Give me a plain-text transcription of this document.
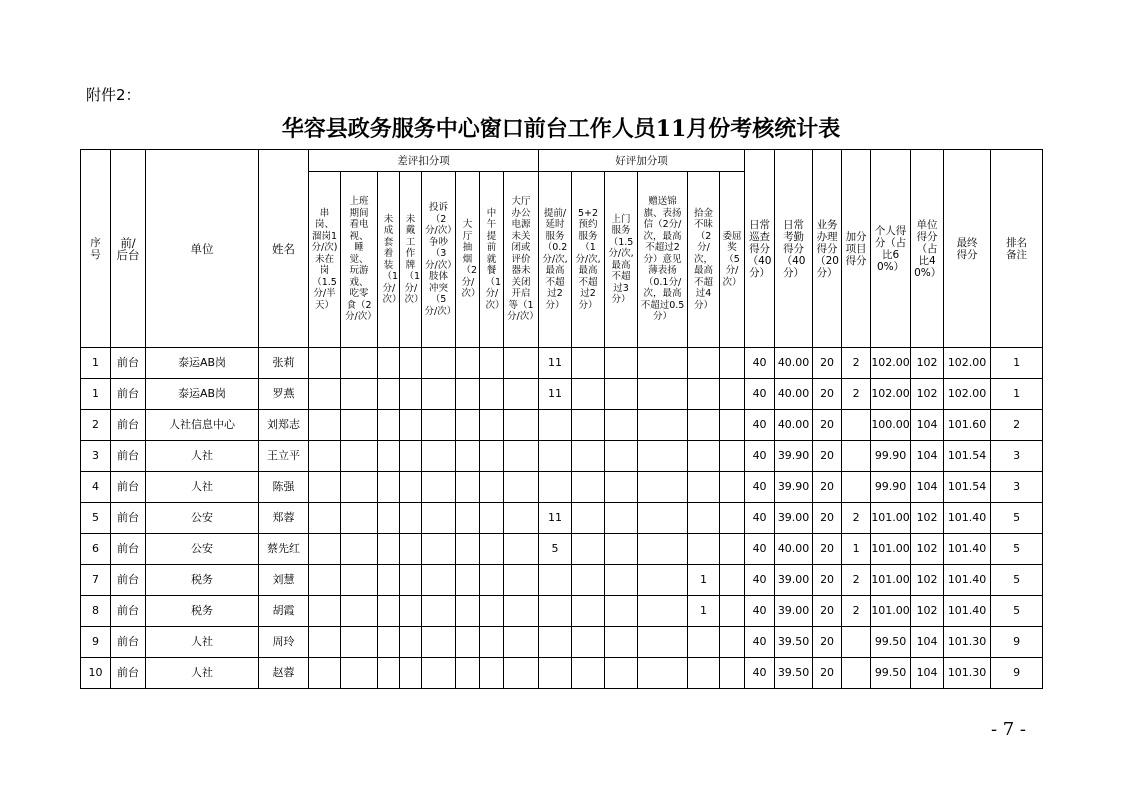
附件2：
华容县政务服务中心窗口前台工作人员11月份考核统计表
序号	前/后台	单位	姓名	差评扣分项								好评加分项						日常巡查得分（40分）	日常考勤得分（40分）	业务办理得分（20分）	加分项目得分	个人得分（占比60%）	单位得分（占比40%）	最终得分	排名备注

				串岗、溜岗1分/次)未在岗（1.5分/半天）	上班期间看电视、睡觉、玩游戏、吃零食（2分/次）	未成套着装（1分/次）	未戴工作牌（1分/次）	投诉（2分/次）争吵（3分/次）肢体冲突（5分/次）	大厅抽烟（2分/次）	中午提前就餐（1分/次）	大厅办公电源未关闭或评价器未关闭开启等（1分/次）	提前/延时服务（0.2分/次,最高不超过2分）	5+2预约服务（1分/次,最高不超过2分）	上门服务（1.5分/次,最高不超过3分）	赠送锦旗、表扬信（2分/次，最高不超过2分）意见薄表扬（0.1分/次，最高不超过0.5分）	拾金不昧（2分/次，最高不超过4分）	委屈奖（5分/次）								

1	前台	泰运AB岗	张莉									11						40	40.00	20	2	102.00	102	102.00	1
1	前台	泰运AB岗	罗燕									11						40	40.00	20	2	102.00	102	102.00	1
2	前台	人社信息中心	刘郑志															40	40.00	20		100.00	104	101.60	2
3	前台	人社	王立平															40	39.90	20		99.90	104	101.54	3
4	前台	人社	陈强															40	39.90	20		99.90	104	101.54	3
5	前台	公安	郑蓉									11						40	39.00	20	2	101.00	102	101.40	5
6	前台	公安	蔡先红									5						40	40.00	20	1	101.00	102	101.40	5
7	前台	税务	刘慧													1		40	39.00	20	2	101.00	102	101.40	5
8	前台	税务	胡霞													1		40	39.00	20	2	101.00	102	101.40	5
9	前台	人社	周玲															40	39.50	20		99.50	104	101.30	9
10	前台	人社	赵蓉															40	39.50	20		99.50	104	101.30	9
- 7 -
